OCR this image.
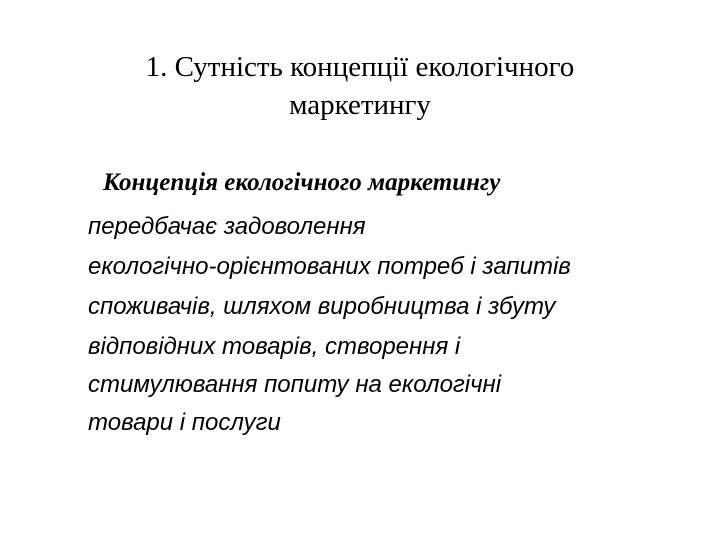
1. Сутність концепції екологічного
маркетингу

Концепція екологічного маркетингу

передбачає задоволення
екологічно-орієнтованих потреб і запитів
споживачів, шляхом виробництва і збуту
відповідних товарів, створення і
стимулювання попиту на екологічні
товари і послуги
